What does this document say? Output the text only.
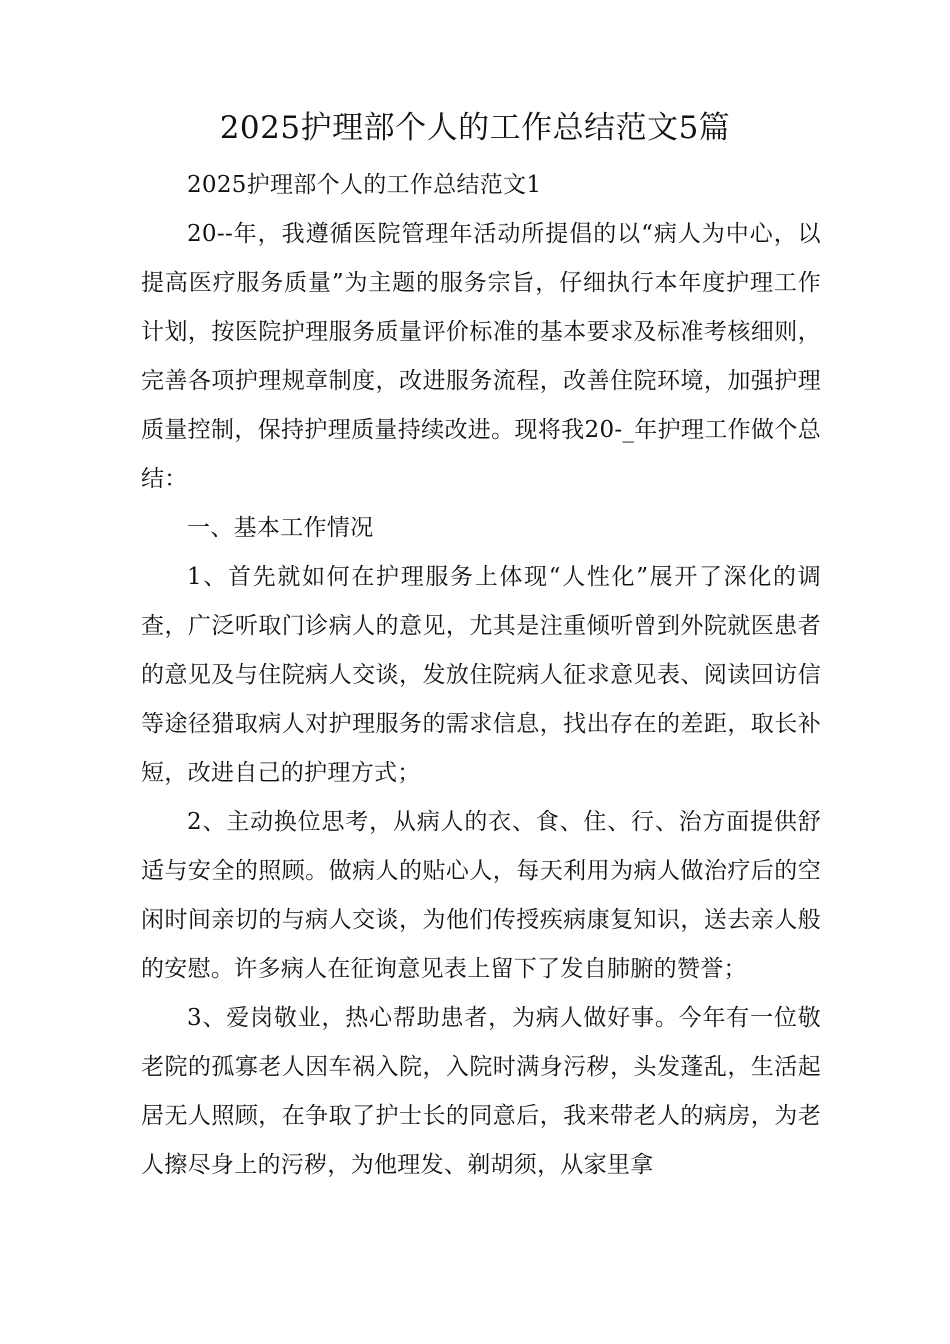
2025护理部个人的工作总结范文5篇

2025护理部个人的工作总结范文1

20--年，我遵循医院管理年活动所提倡的以“病人为中心，以提高医疗服务质量”为主题的服务宗旨，仔细执行本年度护理工作计划，按医院护理服务质量评价标准的基本要求及标准考核细则，完善各项护理规章制度，改进服务流程，改善住院环境，加强护理质量控制，保持护理质量持续改进。现将我20-_年护理工作做个总结：

一、基本工作情况

1、首先就如何在护理服务上体现“人性化”展开了深化的调查，广泛听取门诊病人的意见，尤其是注重倾听曾到外院就医患者的意见及与住院病人交谈，发放住院病人征求意见表、阅读回访信等途径猎取病人对护理服务的需求信息，找出存在的差距，取长补短，改进自己的护理方式；

2、主动换位思考，从病人的衣、食、住、行、治方面提供舒适与安全的照顾。做病人的贴心人，每天利用为病人做治疗后的空闲时间亲切的与病人交谈，为他们传授疾病康复知识，送去亲人般的安慰。许多病人在征询意见表上留下了发自肺腑的赞誉；

3、爱岗敬业，热心帮助患者，为病人做好事。今年有一位敬老院的孤寡老人因车祸入院，入院时满身污秽，头发蓬乱，生活起居无人照顾，在争取了护士长的同意后，我来带老人的病房，为老人擦尽身上的污秽，为他理发、剃胡须，从家里拿
